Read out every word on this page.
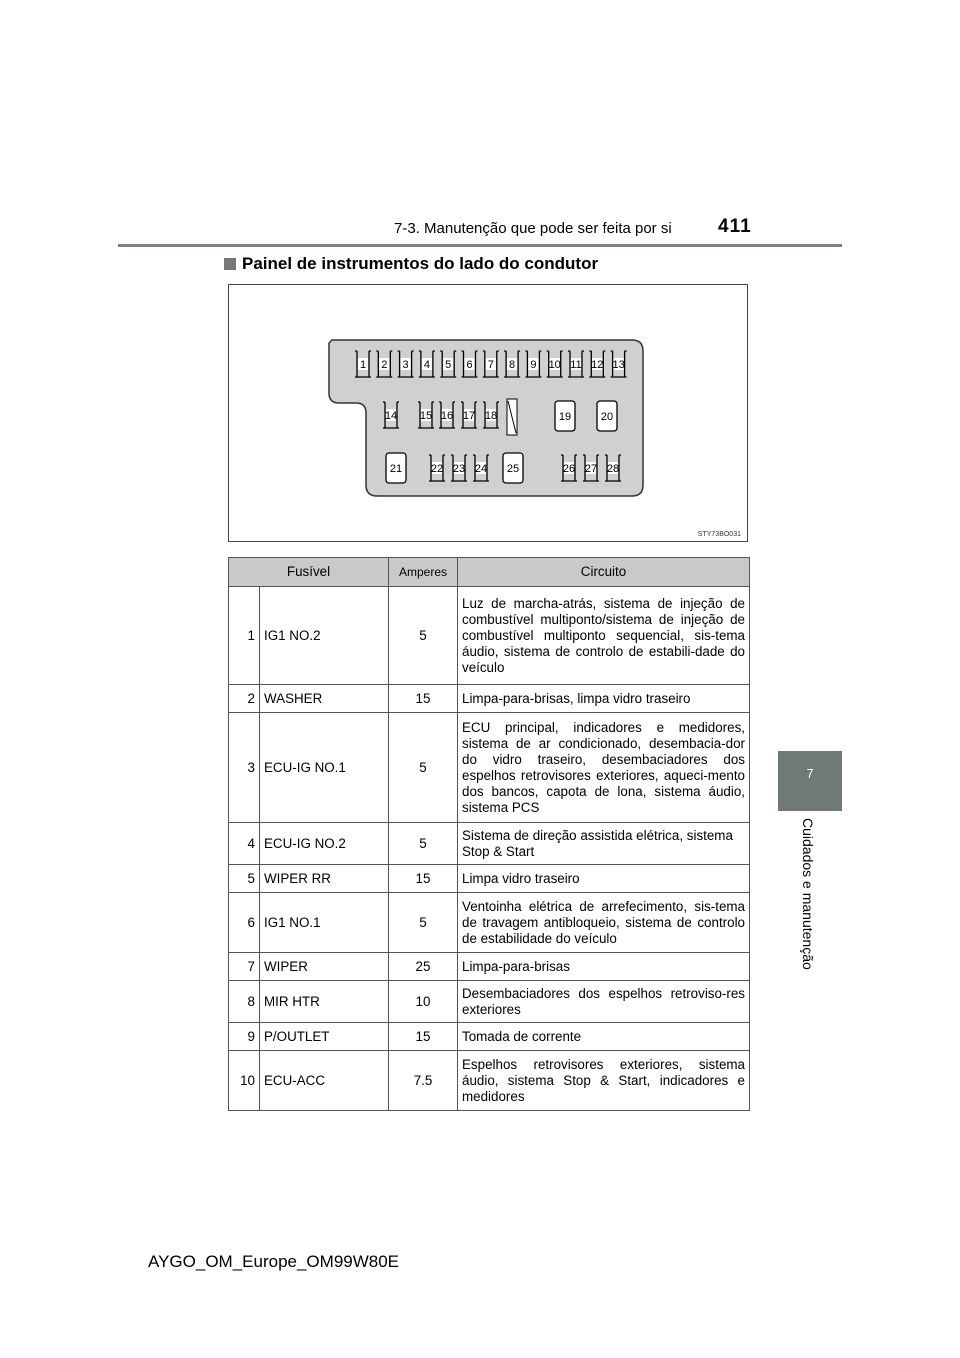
7-3. Manutenção que pode ser feita por si 411
7
Cuidados e manutenção
Painel de instrumentos do lado do condutor
1 2 3 4 5 6 7 8 9 10 11 12 13
14 15 16 17 18	19	20
21	22 23 24 25	26 27 28
STY73BO031
Fusível		Amperes	Circuito
1	IG1 NO.2	5	Luz de marcha-atrás, sistema de injeção de combustível multiponto/sistema de injeção de combustível multiponto sequencial, sis-tema áudio, sistema de controlo de estabili-dade do veículo
2	WASHER	15	Limpa-para-brisas, limpa vidro traseiro
3	ECU-IG NO.1	5	ECU principal, indicadores e medidores, sistema de ar condicionado, desembacia-dor do vidro traseiro, desembaciadores dos espelhos retrovisores exteriores, aqueci-mento dos bancos, capota de lona, sistema áudio, sistema PCS
4	ECU-IG NO.2	5	Sistema de direção assistida elétrica, sistema Stop & Start
5	WIPER RR	15	Limpa vidro traseiro
6	IG1 NO.1	5	Ventoinha elétrica de arrefecimento, sis-tema de travagem antibloqueio, sistema de controlo de estabilidade do veículo
7	WIPER	25	Limpa-para-brisas
8	MIR HTR	10	Desembaciadores dos espelhos retroviso-res exteriores
9	P/OUTLET	15	Tomada de corrente
10	ECU-ACC	7.5	Espelhos retrovisores exteriores, sistema áudio, sistema Stop & Start, indicadores e medidores
AYGO_OM_Europe_OM99W80E
